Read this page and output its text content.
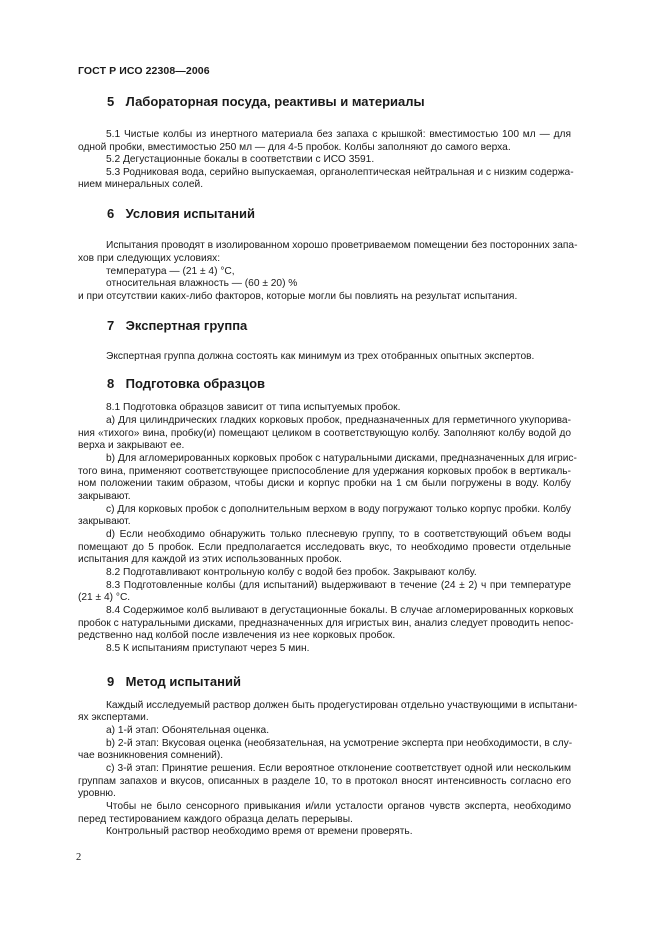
ГОСТ Р ИСО 22308—2006
5 Лабораторная посуда, реактивы и материалы
5.1 Чистые колбы из инертного материала без запаха с крышкой: вместимостью 100 мл — для
одной пробки, вместимостью 250 мл — для 4-5 пробок. Колбы заполняют до самого верха.
5.2 Дегустационные бокалы в соответствии с ИСО 3591.
5.3 Родниковая вода, серийно выпускаемая, органолептическая нейтральная и с низким содержа-
нием минеральных солей.
6 Условия испытаний
Испытания проводят в изолированном хорошо проветриваемом помещении без посторонних запа-
хов при следующих условиях:
температура — (21 ± 4) °С,
относительная влажность — (60 ± 20) %
и при отсутствии каких-либо факторов, которые могли бы повлиять на результат испытания.
7 Экспертная группа
Экспертная группа должна состоять как минимум из трех отобранных опытных экспертов.
8 Подготовка образцов
8.1 Подготовка образцов зависит от типа испытуемых пробок.
а) Для цилиндрических гладких корковых пробок, предназначенных для герметичного укупорива-
ния «тихого» вина, пробку(и) помещают целиком в соответствующую колбу. Заполняют колбу водой до
верха и закрывают ее.
b) Для агломерированных корковых пробок с натуральными дисками, предназначенных для игрис-
того вина, применяют соответствующее приспособление для удержания корковых пробок в вертикаль-
ном положении таким образом, чтобы диски и корпус пробки на 1 см были погружены в воду. Колбу
закрывают.
с) Для корковых пробок с дополнительным верхом в воду погружают только корпус пробки. Колбу
закрывают.
d) Если необходимо обнаружить только плесневую группу, то в соответствующий объем воды
помещают до 5 пробок. Если предполагается исследовать вкус, то необходимо провести отдельные
испытания для каждой из этих использованных пробок.
8.2 Подготавливают контрольную колбу с водой без пробок. Закрывают колбу.
8.3 Подготовленные колбы (для испытаний) выдерживают в течение (24 ± 2) ч при температуре
(21 ± 4) °С.
8.4 Содержимое колб выливают в дегустационные бокалы. В случае агломерированных корковых
пробок с натуральными дисками, предназначенных для игристых вин, анализ следует проводить непос-
редственно над колбой после извлечения из нее корковых пробок.
8.5 К испытаниям приступают через 5 мин.
9 Метод испытаний
Каждый исследуемый раствор должен быть продегустирован отдельно участвующими в испытани-
ях экспертами.
а) 1-й этап: Обонятельная оценка.
b) 2-й этап: Вкусовая оценка (необязательная, на усмотрение эксперта при необходимости, в слу-
чае возникновения сомнений).
с) 3-й этап: Принятие решения. Если вероятное отклонение соответствует одной или нескольким
группам запахов и вкусов, описанных в разделе 10, то в протокол вносят интенсивность согласно его
уровню.
Чтобы не было сенсорного привыкания и/или усталости органов чувств эксперта, необходимо
перед тестированием каждого образца делать перерывы.
Контрольный раствор необходимо время от времени проверять.
2
